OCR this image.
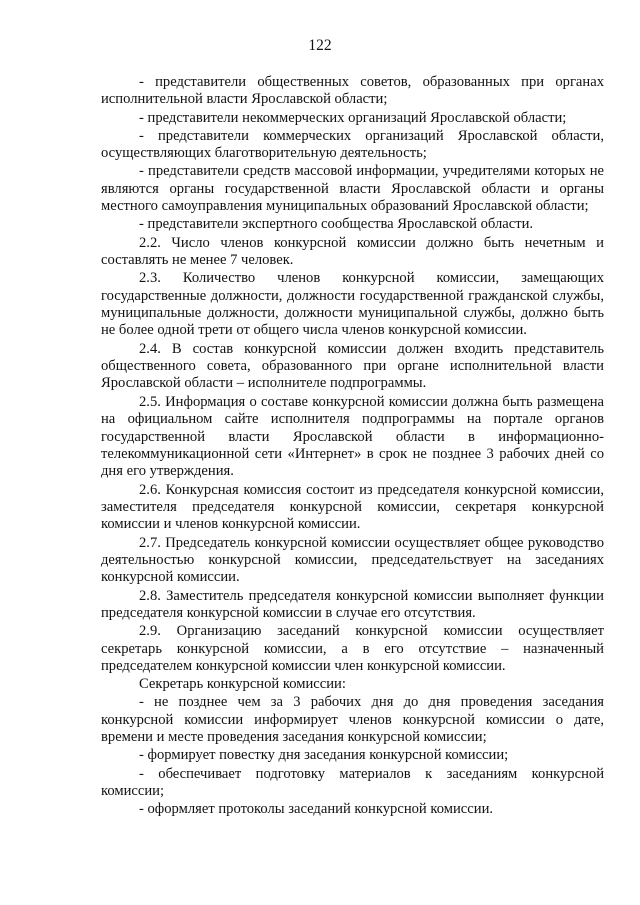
122

- представители общественных советов, образованных при органах исполнительной власти Ярославской области;

- представители некоммерческих организаций Ярославской области;

- представители коммерческих организаций Ярославской области, осуществляющих благотворительную деятельность;

- представители средств массовой информации, учредителями которых не являются органы государственной власти Ярославской области и органы местного самоуправления муниципальных образований Ярославской области;

- представители экспертного сообщества Ярославской области.

2.2. Число членов конкурсной комиссии должно быть нечетным и составлять не менее 7 человек.

2.3. Количество членов конкурсной комиссии, замещающих государственные должности, должности государственной гражданской службы, муниципальные должности, должности муниципальной службы, должно быть не более одной трети от общего числа членов конкурсной комиссии.

2.4. В состав конкурсной комиссии должен входить представитель общественного совета, образованного при органе исполнительной власти Ярославской области – исполнителе подпрограммы.

2.5. Информация о составе конкурсной комиссии должна быть размещена на официальном сайте исполнителя подпрограммы на портале органов государственной власти Ярославской области в информационно-телекоммуникационной сети «Интернет» в срок не позднее 3 рабочих дней со дня его утверждения.

2.6. Конкурсная комиссия состоит из председателя конкурсной комиссии, заместителя председателя конкурсной комиссии, секретаря конкурсной комиссии и членов конкурсной комиссии.

2.7. Председатель конкурсной комиссии осуществляет общее руководство деятельностью конкурсной комиссии, председательствует на заседаниях конкурсной комиссии.

2.8. Заместитель председателя конкурсной комиссии выполняет функции председателя конкурсной комиссии в случае его отсутствия.

2.9. Организацию заседаний конкурсной комиссии осуществляет секретарь конкурсной комиссии, а в его отсутствие – назначенный председателем конкурсной комиссии член конкурсной комиссии.

Секретарь конкурсной комиссии:

- не позднее чем за 3 рабочих дня до дня проведения заседания конкурсной комиссии информирует членов конкурсной комиссии о дате, времени и месте проведения заседания конкурсной комиссии;

- формирует повестку дня заседания конкурсной комиссии;

- обеспечивает подготовку материалов к заседаниям конкурсной комиссии;

- оформляет протоколы заседаний конкурсной комиссии.
